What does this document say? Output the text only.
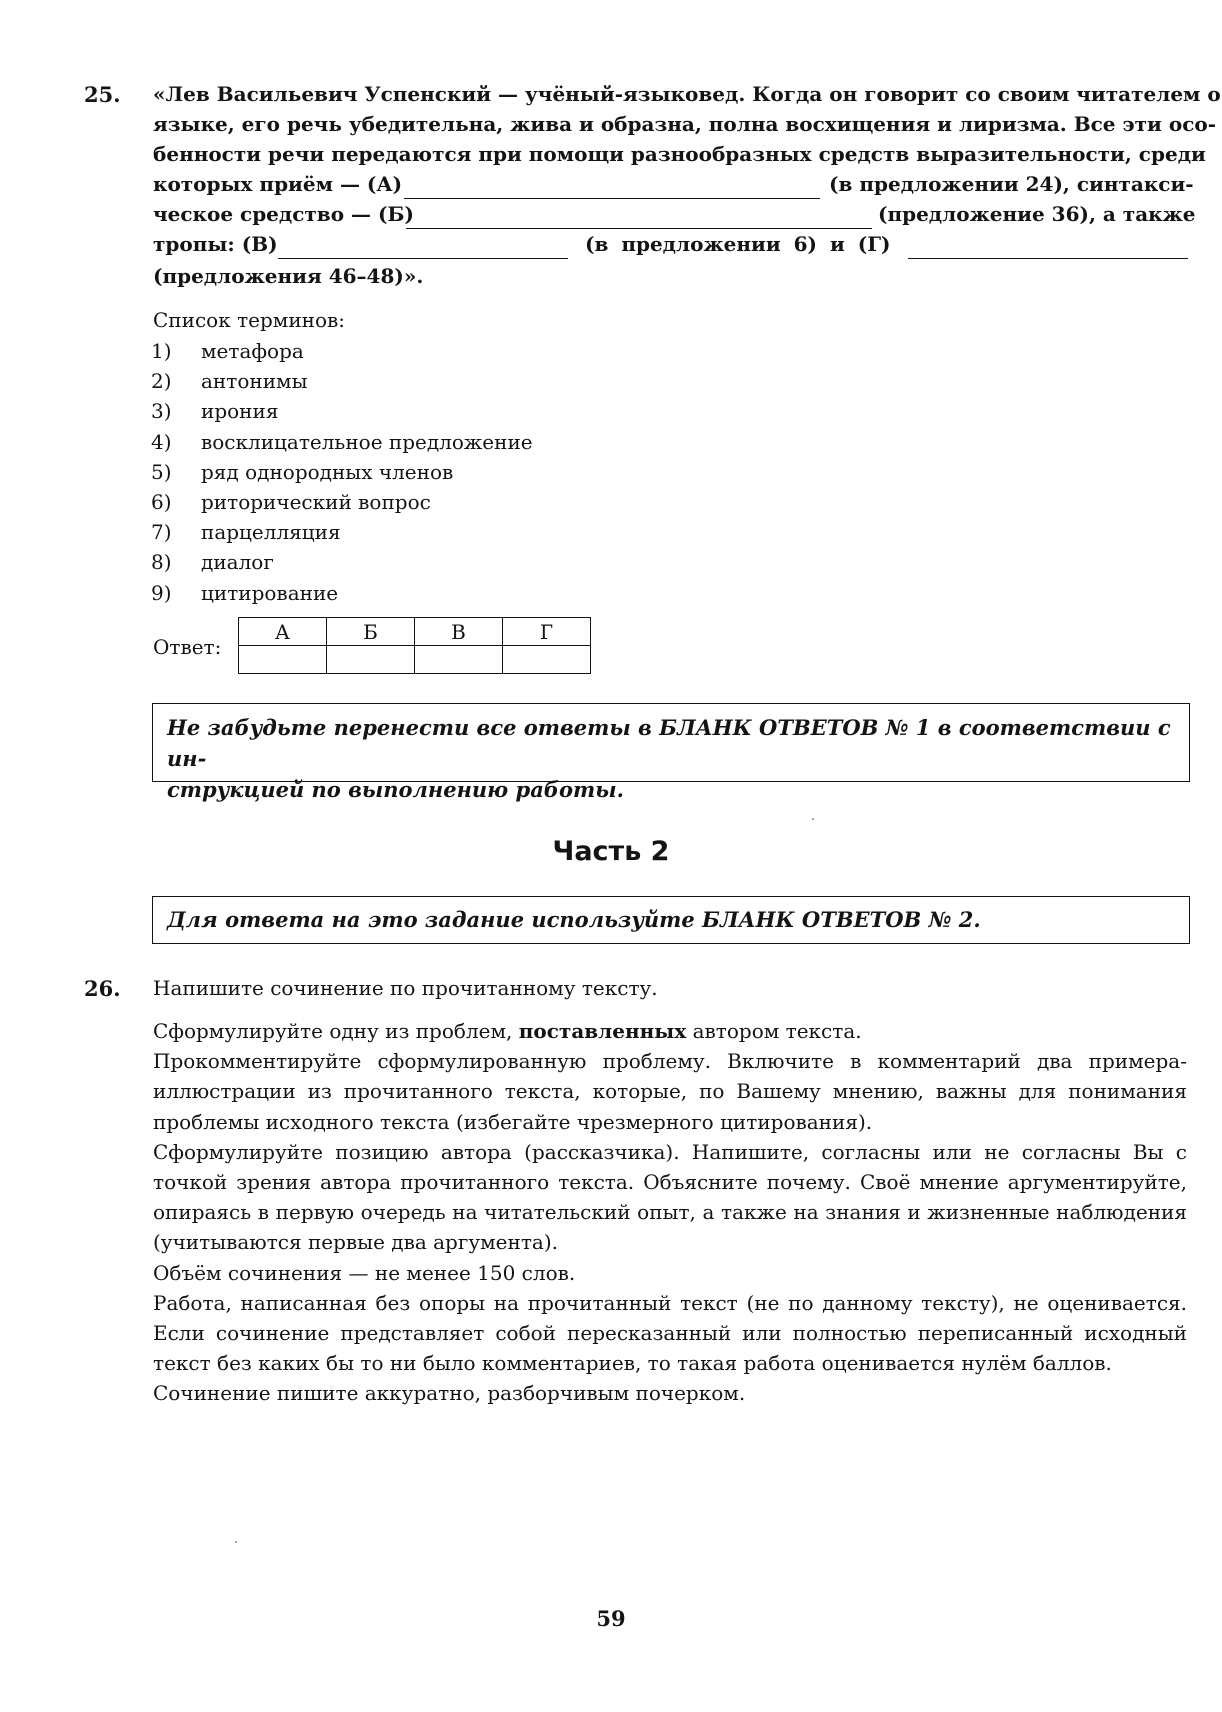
25. «Лев Васильевич Успенский — учёный-языковед. Когда он говорит со своим читателем о
языке, его речь убедительна, жива и образна, полна восхищения и лиризма. Все эти осо-
бенности речи передаются при помощи разнообразных средств выразительности, среди
которых приём — (А)	(в предложении 24), синтакси-
ческое средство — (Б)	(предложение 36), а также
тропы: (В)	(в предложении 6) и (Г)
(предложения 46–48)».
Список терминов:
1)	метафора
2)	антонимы
3)	ирония
4)	восклицательное предложение
5)	ряд однородных членов
6)	риторический вопрос
7)	парцелляция
8)	диалог
9)	цитирование
Ответ:
А	Б	В	Г

Не забудьте перенести все ответы в БЛАНК ОТВЕТОВ № 1 в соответствии с ин-
струкцией по выполнению работы.
Часть 2
Для ответа на это задание используйте БЛАНК ОТВЕТОВ № 2.
26. Напишите сочинение по прочитанному тексту.

Сформулируйте одну из проблем, поставленных автором текста.

Прокомментируйте сформулированную проблему. Включите в комментарий два примера-иллюстрации из прочитанного текста, которые, по Вашему мнению, важны для понимания проблемы исходного текста (избегайте чрезмерного цитирования).

Сформулируйте позицию автора (рассказчика). Напишите, согласны или не согласны Вы с точкой зрения автора прочитанного текста. Объясните почему. Своё мнение аргументируйте, опираясь в первую очередь на читательский опыт, а также на знания и жизненные наблюдения (учитываются первые два аргумента).

Объём сочинения — не менее 150 слов.

Работа, написанная без опоры на прочитанный текст (не по данному тексту), не оценивается. Если сочинение представляет собой пересказанный или полностью переписанный исходный текст без каких бы то ни было комментариев, то такая работа оценивается нулём баллов.

Сочинение пишите аккуратно, разборчивым почерком.

59
